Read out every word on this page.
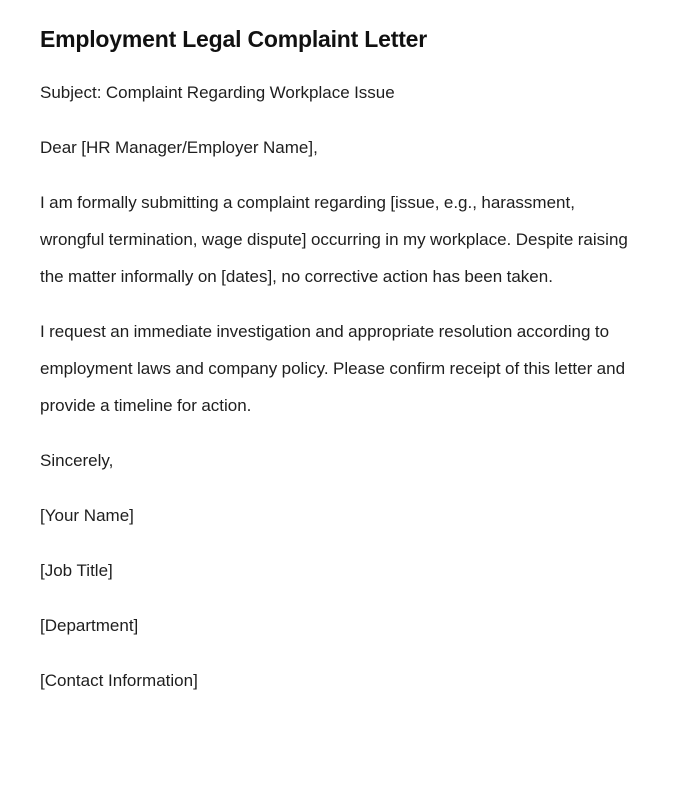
Employment Legal Complaint Letter

Subject: Complaint Regarding Workplace Issue

Dear [HR Manager/Employer Name],

I am formally submitting a complaint regarding [issue, e.g., harassment, wrongful termination, wage dispute] occurring in my workplace. Despite raising the matter informally on [dates], no corrective action has been taken.

I request an immediate investigation and appropriate resolution according to employment laws and company policy. Please confirm receipt of this letter and provide a timeline for action.

Sincerely,

[Your Name]

[Job Title]

[Department]

[Contact Information]
